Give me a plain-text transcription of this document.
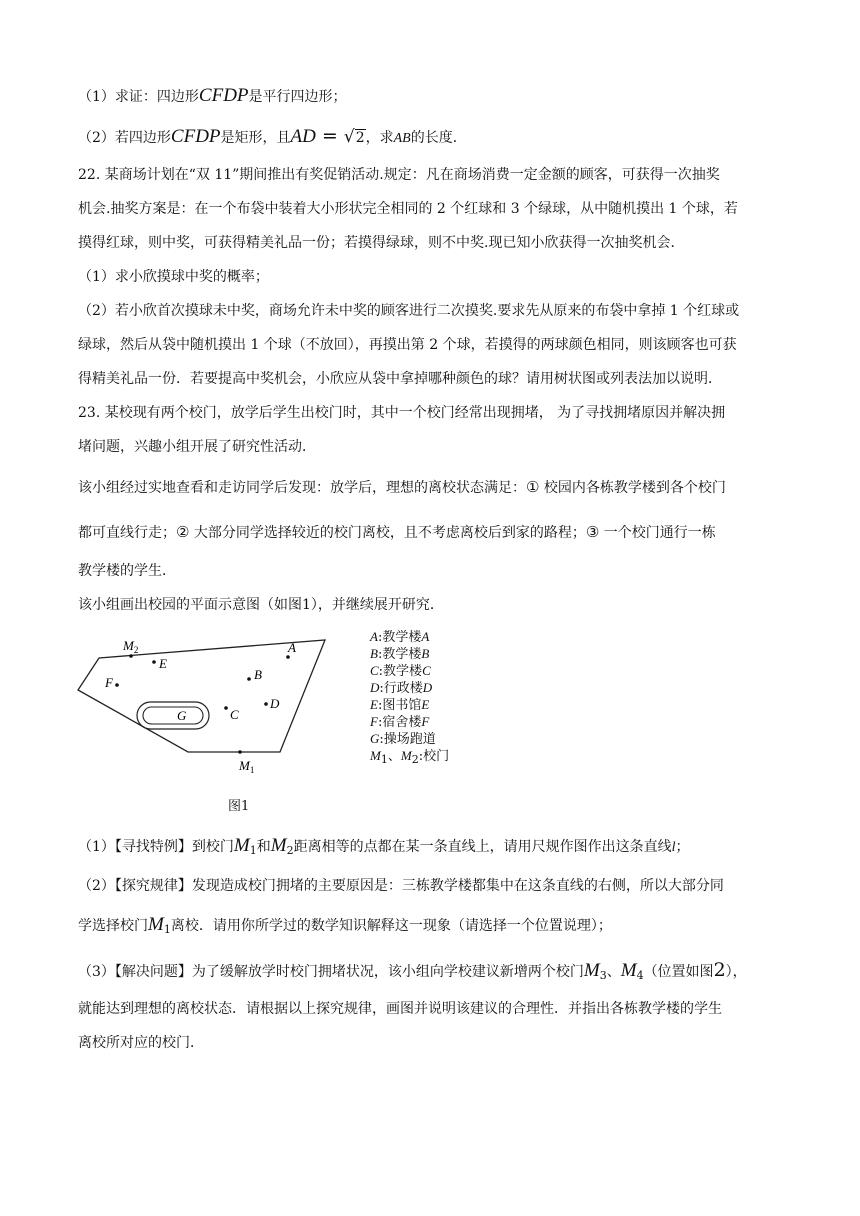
（1）求证：四边形CFDP是平行四边形；
（2）若四边形CFDP是矩形，且AD = √2，求AB的长度．
22. 某商场计划在“双 11”期间推出有奖促销活动.规定：凡在商场消费一定金额的顾客，可获得一次抽奖
机会.抽奖方案是：在一个布袋中装着大小形状完全相同的 2 个红球和 3 个绿球，从中随机摸出 1 个球，若
摸得红球，则中奖，可获得精美礼品一份；若摸得绿球，则不中奖.现已知小欣获得一次抽奖机会．
（1）求小欣摸球中奖的概率；
（2）若小欣首次摸球未中奖，商场允许未中奖的顾客进行二次摸奖.要求先从原来的布袋中拿掉 1 个红球或
绿球，然后从袋中随机摸出 1 个球（不放回），再摸出第 2 个球，若摸得的两球颜色相同，则该顾客也可获
得精美礼品一份．若要提高中奖机会，小欣应从袋中拿掉哪种颜色的球？请用树状图或列表法加以说明．
23. 某校现有两个校门，放学后学生出校门时，其中一个校门经常出现拥堵， 为了寻找拥堵原因并解决拥
堵问题，兴趣小组开展了研究性活动．
该小组经过实地查看和走访同学后发现：放学后，理想的离校状态满足：① 校园内各栋教学楼到各个校门
都可直线行走；② 大部分同学选择较近的校门离校，且不考虑离校后到家的路程；③ 一个校门通行一栋
教学楼的学生．
该小组画出校园的平面示意图（如图1），并继续展开研究．
$M_2$
E
A
F
B
D
C
G
$M_1$
A:教学楼A
B:教学楼B
C:教学楼C
D:行政楼D
E:图书馆E
F:宿舍楼F
G:操场跑道
$M_1$、$M_2$:校门
图1
（1）【寻找特例】到校门$M_1$和$M_2$距离相等的点都在某一条直线上，请用尺规作图作出这条直线l；
（2）【探究规律】发现造成校门拥堵的主要原因是：三栋教学楼都集中在这条直线的右侧，所以大部分同
学选择校门$M_1$离校．请用你所学过的数学知识解释这一现象（请选择一个位置说理）；
（3）【解决问题】为了缓解放学时校门拥堵状况，该小组向学校建议新增两个校门$M_3$、$M_4$（位置如图2），
就能达到理想的离校状态．请根据以上探究规律，画图并说明该建议的合理性．并指出各栋教学楼的学生
离校所对应的校门．
